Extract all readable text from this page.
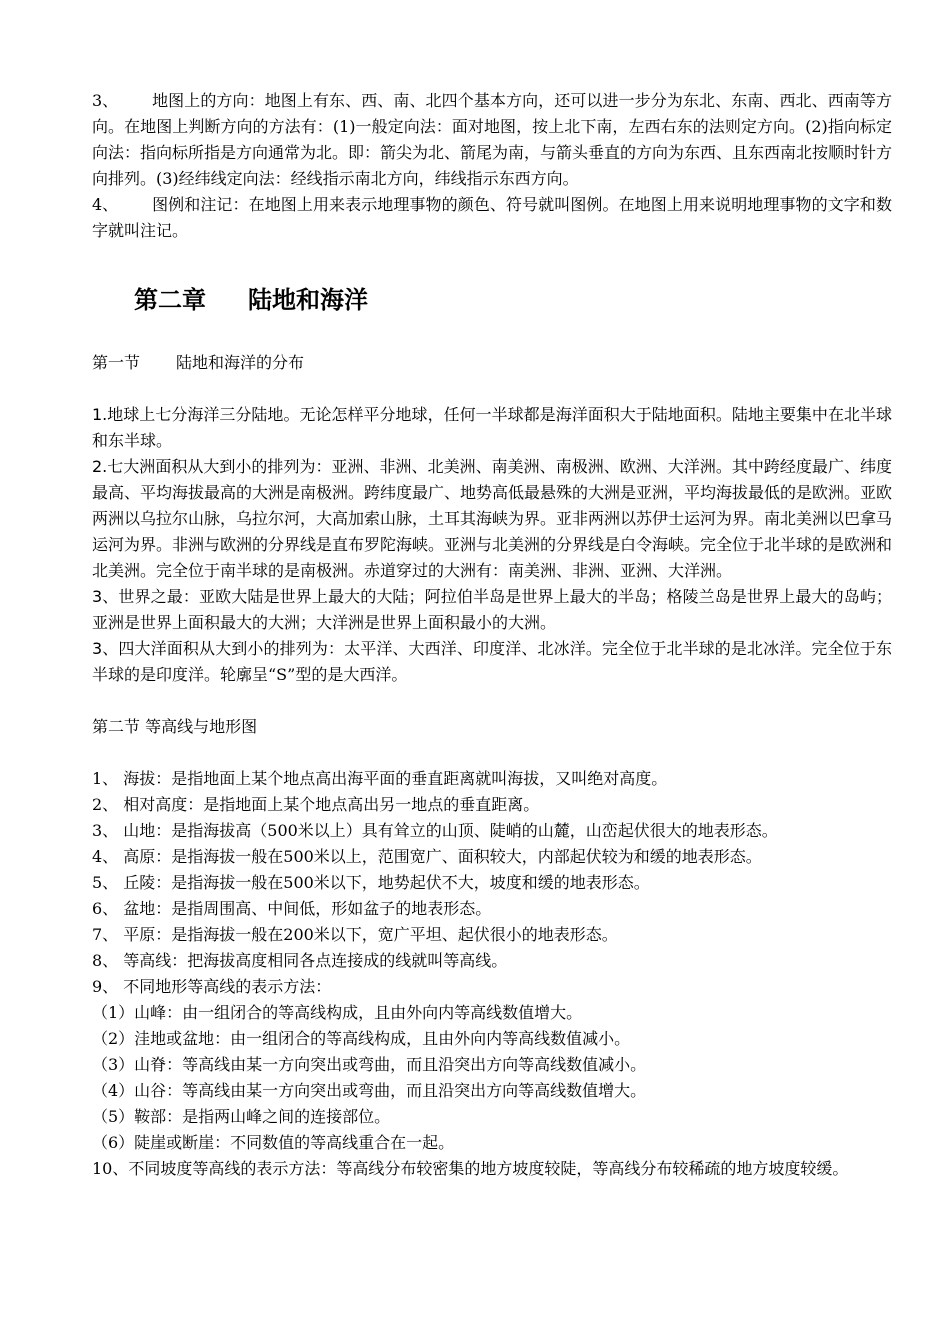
3、 地图上的方向：地图上有东、西、南、北四个基本方向，还可以进一步分为东北、东南、西北、西南等方向。在地图上判断方向的方法有：(1)一般定向法：面对地图，按上北下南，左西右东的法则定方向。(2)指向标定向法：指向标所指是方向通常为北。即：箭尖为北、箭尾为南，与箭头垂直的方向为东西、且东西南北按顺时针方向排列。(3)经纬线定向法：经线指示南北方向，纬线指示东西方向。

4、 图例和注记：在地图上用来表示地理事物的颜色、符号就叫图例。在地图上用来说明地理事物的文字和数字就叫注记。

第二章 陆地和海洋
第一节 陆地和海洋的分布

1.地球上七分海洋三分陆地。无论怎样平分地球，任何一半球都是海洋面积大于陆地面积。陆地主要集中在北半球和东半球。

2.七大洲面积从大到小的排列为：亚洲、非洲、北美洲、南美洲、南极洲、欧洲、大洋洲。其中跨经度最广、纬度最高、平均海拔最高的大洲是南极洲。跨纬度最广、地势高低最悬殊的大洲是亚洲，平均海拔最低的是欧洲。亚欧两洲以乌拉尔山脉，乌拉尔河，大高加索山脉，土耳其海峡为界。亚非两洲以苏伊士运河为界。南北美洲以巴拿马运河为界。非洲与欧洲的分界线是直布罗陀海峡。亚洲与北美洲的分界线是白令海峡。完全位于北半球的是欧洲和北美洲。完全位于南半球的是南极洲。赤道穿过的大洲有：南美洲、非洲、亚洲、大洋洲。

3、世界之最：亚欧大陆是世界上最大的大陆；阿拉伯半岛是世界上最大的半岛；格陵兰岛是世界上最大的岛屿；亚洲是世界上面积最大的大洲；大洋洲是世界上面积最小的大洲。

3、四大洋面积从大到小的排列为：太平洋、大西洋、印度洋、北冰洋。完全位于北半球的是北冰洋。完全位于东半球的是印度洋。轮廓呈“S”型的是大西洋。

第二节 等高线与地形图

1、 海拔：是指地面上某个地点高出海平面的垂直距离就叫海拔，又叫绝对高度。

2、 相对高度：是指地面上某个地点高出另一地点的垂直距离。

3、 山地：是指海拔高（500米以上）具有耸立的山顶、陡峭的山麓，山峦起伏很大的地表形态。

4、 高原：是指海拔一般在500米以上，范围宽广、面积较大，内部起伏较为和缓的地表形态。

5、 丘陵：是指海拔一般在500米以下，地势起伏不大，坡度和缓的地表形态。

6、 盆地：是指周围高、中间低，形如盆子的地表形态。

7、 平原：是指海拔一般在200米以下，宽广平坦、起伏很小的地表形态。

8、 等高线：把海拔高度相同各点连接成的线就叫等高线。

9、 不同地形等高线的表示方法：

（1）山峰：由一组闭合的等高线构成，且由外向内等高线数值增大。

（2）洼地或盆地：由一组闭合的等高线构成，且由外向内等高线数值减小。

（3）山脊：等高线由某一方向突出或弯曲，而且沿突出方向等高线数值减小。

（4）山谷：等高线由某一方向突出或弯曲，而且沿突出方向等高线数值增大。

（5）鞍部：是指两山峰之间的连接部位。

（6）陡崖或断崖：不同数值的等高线重合在一起。

10、不同坡度等高线的表示方法：等高线分布较密集的地方坡度较陡，等高线分布较稀疏的地方坡度较缓。
